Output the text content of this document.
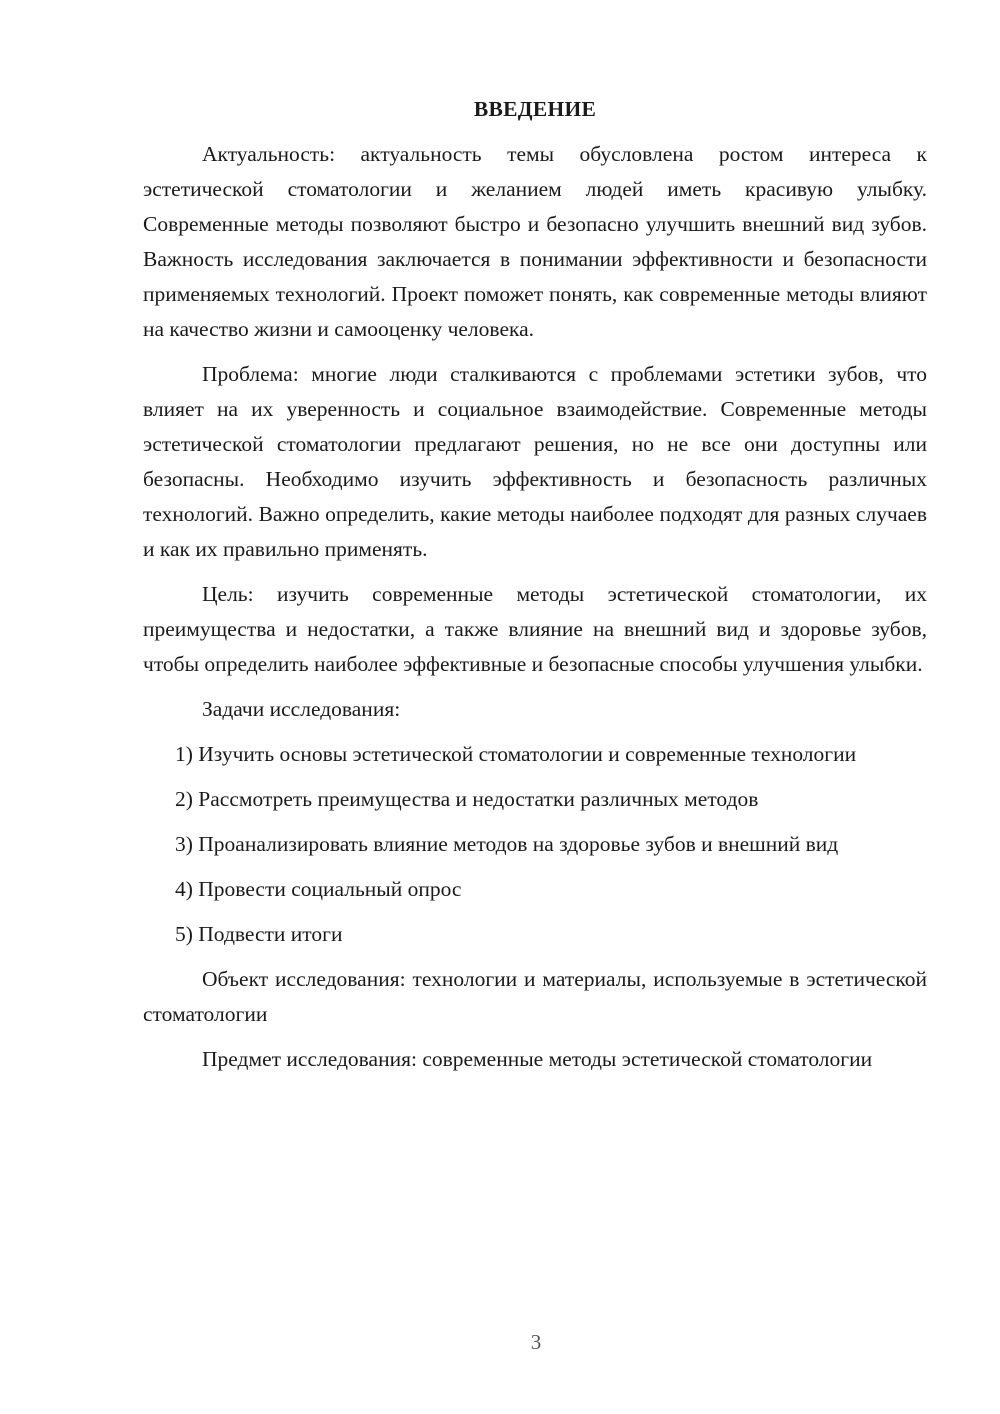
ВВЕДЕНИЕ

Актуальность: актуальность темы обусловлена ростом интереса к эстетической стоматологии и желанием людей иметь красивую улыбку. Современные методы позволяют быстро и безопасно улучшить внешний вид зубов. Важность исследования заключается в понимании эффективности и безопасности применяемых технологий. Проект поможет понять, как современные методы влияют на качество жизни и самооценку человека.

Проблема: многие люди сталкиваются с проблемами эстетики зубов, что влияет на их уверенность и социальное взаимодействие. Современные методы эстетической стоматологии предлагают решения, но не все они доступны или безопасны. Необходимо изучить эффективность и безопасность различных технологий. Важно определить, какие методы наиболее подходят для разных случаев и как их правильно применять.

Цель: изучить современные методы эстетической стоматологии, их преимущества и недостатки, а также влияние на внешний вид и здоровье зубов, чтобы определить наиболее эффективные и безопасные способы улучшения улыбки.

Задачи исследования:

1) Изучить основы эстетической стоматологии и современные технологии

2) Рассмотреть преимущества и недостатки различных методов

3) Проанализировать влияние методов на здоровье зубов и внешний вид

4) Провести социальный опрос

5) Подвести итоги

Объект исследования: технологии и материалы, используемые в эстетической стоматологии

Предмет исследования: современные методы эстетической стоматологии

3
